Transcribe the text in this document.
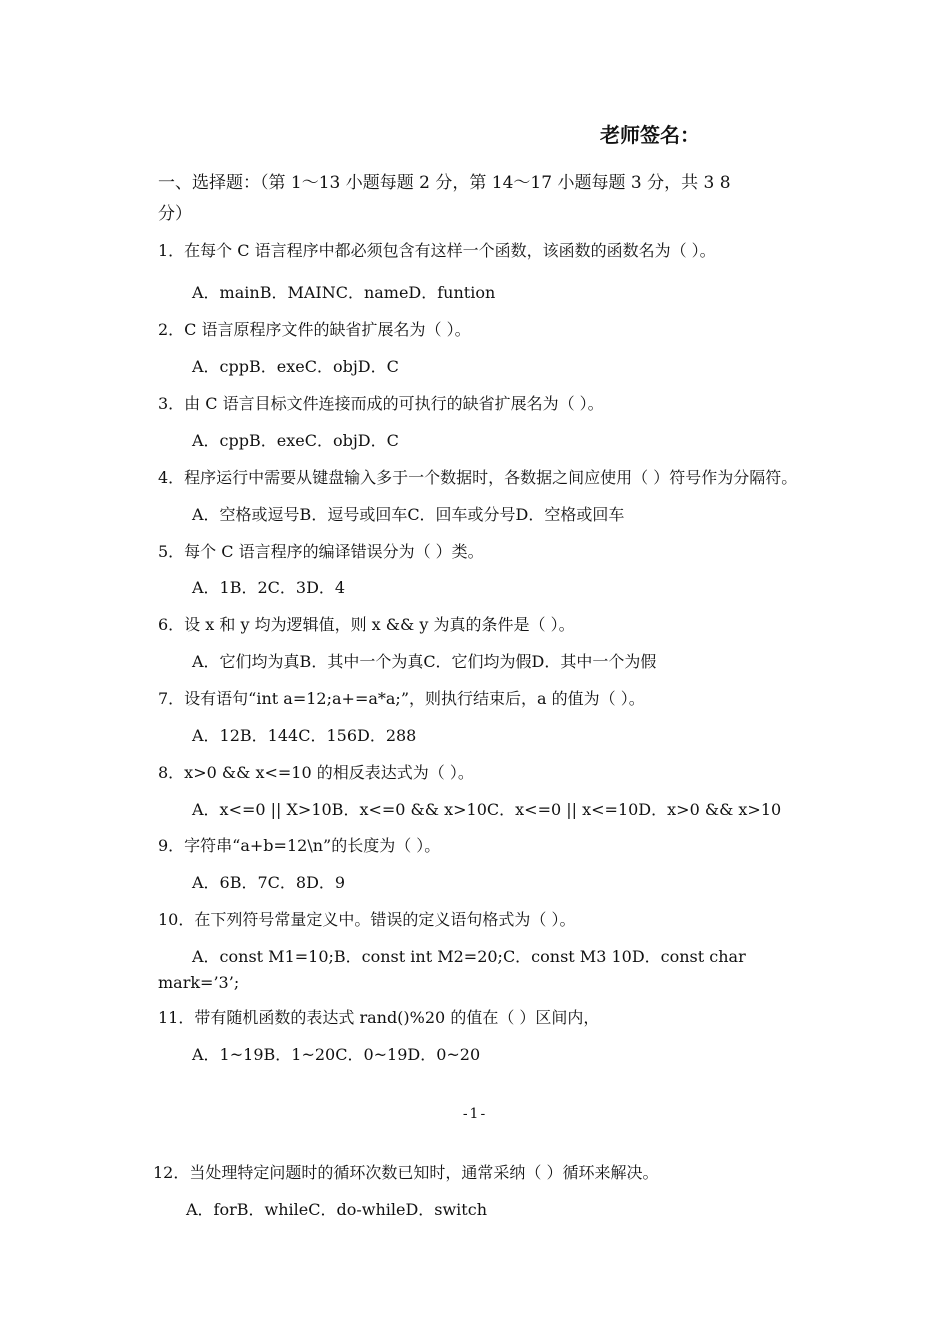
老师签名：
一、选择题：（第 1～13 小题每题 2 分，第 14～17 小题每题 3 分，共 3 8
分）
1．在每个 C 语言程序中都必须包含有这样一个函数，该函数的函数名为（ ）。
A．mainB．MAINC．nameD．funtion
2．C 语言原程序文件的缺省扩展名为（ ）。
A．cppB．exeC．objD．C
3．由 C 语言目标文件连接而成的可执行的缺省扩展名为（ ）。
A．cppB．exeC．objD．C
4．程序运行中需要从键盘输入多于一个数据时，各数据之间应使用（ ）符号作为分隔符。
A．空格或逗号B．逗号或回车C．回车或分号D．空格或回车
5．每个 C 语言程序的编译错误分为（ ）类。
A．1B．2C．3D．4
6．设 x 和 y 均为逻辑值，则 x && y 为真的条件是（ ）。
A．它们均为真B．其中一个为真C．它们均为假D．其中一个为假
7．设有语句“int a=12;a+=a*a;”，则执行结束后，a 的值为（ ）。
A．12B．144C．156D．288
8．x>0 && x<=10 的相反表达式为（ ）。
A．x<=0 || X>10B．x<=0 && x>10C．x<=0 || x<=10D．x>0 && x>10
9．字符串“a+b=12\n”的长度为（ ）。
A．6B．7C．8D．9
10．在下列符号常量定义中。错误的定义语句格式为（ ）。
A．const M1=10;B．const int M2=20;C．const M3 10D．const char
mark=’3’;
11．带有随机函数的表达式 rand()%20 的值在（ ）区间内，
A．1~19B．1~20C．0~19D．0~20
-1-
12．当处理特定问题时的循环次数已知时，通常采纳（ ）循环来解决。
A．forB．whileC．do-whileD．switch
